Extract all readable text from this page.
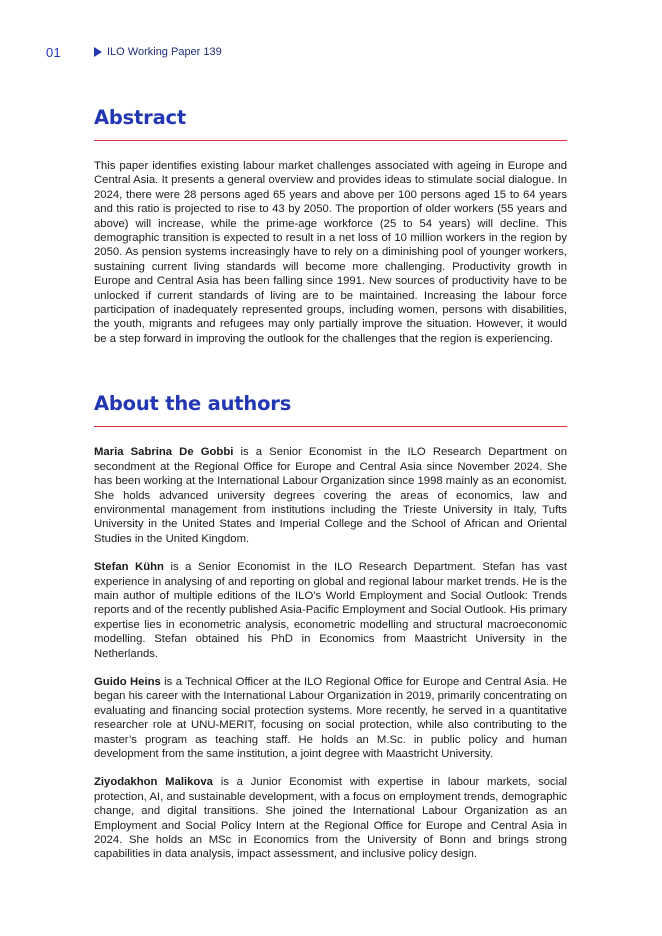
01	ILO Working Paper 139
Abstract

This paper identifies existing labour market challenges associated with ageing in Europe and Central Asia. It presents a general overview and provides ideas to stimulate social dialogue. In 2024, there were 28 persons aged 65 years and above per 100 persons aged 15 to 64 years and this ratio is projected to rise to 43 by 2050. The proportion of older workers (55 years and above) will increase, while the prime-age workforce (25 to 54 years) will decline. This demographic transition is expected to result in a net loss of 10 million workers in the region by 2050. As pension systems increasingly have to rely on a diminishing pool of younger workers, sustaining current living standards will become more challenging. Productivity growth in Europe and Central Asia has been falling since 1991. New sources of productivity have to be unlocked if current standards of living are to be maintained. Increasing the labour force participation of inadequately represented groups, including women, persons with disabilities, the youth, migrants and refugees may only partially improve the situation. However, it would be a step forward in improving the outlook for the challenges that the region is experiencing.

About the authors

Maria Sabrina De Gobbi is a Senior Economist in the ILO Research Department on secondment at the Regional Office for Europe and Central Asia since November 2024. She has been working at the International Labour Organization since 1998 mainly as an economist. She holds advanced university degrees covering the areas of economics, law and environmental management from institutions including the Trieste University in Italy, Tufts University in the United States and Imperial College and the School of African and Oriental Studies in the United Kingdom.

Stefan Kühn is a Senior Economist in the ILO Research Department. Stefan has vast experience in analysing of and reporting on global and regional labour market trends. He is the main author of multiple editions of the ILO’s World Employment and Social Outlook: Trends reports and of the recently published Asia-Pacific Employment and Social Outlook. His primary expertise lies in econometric analysis, econometric modelling and structural macroeconomic modelling. Stefan obtained his PhD in Economics from Maastricht University in the Netherlands.

Guido Heins is a Technical Officer at the ILO Regional Office for Europe and Central Asia. He began his career with the International Labour Organization in 2019, primarily concentrating on evaluating and financing social protection systems. More recently, he served in a quantitative researcher role at UNU-MERIT, focusing on social protection, while also contributing to the master’s program as teaching staff. He holds an M.Sc. in public policy and human development from the same institution, a joint degree with Maastricht University.

Ziyodakhon Malikova is a Junior Economist with expertise in labour markets, social protection, AI, and sustainable development, with a focus on employment trends, demographic change, and digital transitions. She joined the International Labour Organization as an Employment and Social Policy Intern at the Regional Office for Europe and Central Asia in 2024. She holds an MSc in Economics from the University of Bonn and brings strong capabilities in data analysis, impact assessment, and inclusive policy design.
